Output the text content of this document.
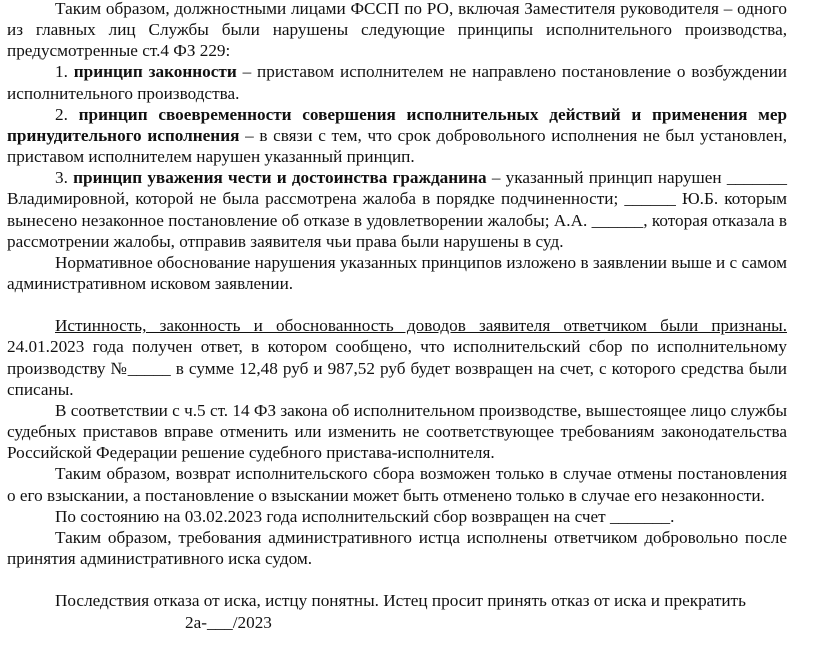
Таким образом, должностными лицами ФССП по РО, включая Заместителя руководителя – одного из главных лиц Службы были нарушены следующие принципы исполнительного производства, предусмотренные ст.4 ФЗ 229:

1. принцип законности – приставом исполнителем не направлено постановление о возбуждении исполнительного производства.

2. принцип своевременности совершения исполнительных действий и применения мер принудительного исполнения – в связи с тем, что срок добровольного исполнения не был установлен, приставом исполнителем нарушен указанный принцип.

3. принцип уважения чести и достоинства гражданина – указанный принцип нарушен _______ Владимировной, которой не была рассмотрена жалоба в порядке подчиненности; ______ Ю.Б. которым вынесено незаконное постановление об отказе в удовлетворении жалобы; А.А. ______, которая отказала в рассмотрении жалобы, отправив заявителя чьи права были нарушены в суд.

Нормативное обоснование нарушения указанных принципов изложено в заявлении выше и с самом административном исковом заявлении.

Истинность, законность и обоснованность доводов заявителя ответчиком были признаны. 24.01.2023 года получен ответ, в котором сообщено, что исполнительский сбор по исполнительному производству №_____ в сумме 12,48 руб и 987,52 руб будет возвращен на счет, с которого средства были списаны.

В соответствии с ч.5 ст. 14 ФЗ закона об исполнительном производстве, вышестоящее лицо службы судебных приставов вправе отменить или изменить не соответствующее требованиям законодательства Российской Федерации решение судебного пристава-исполнителя.

Таким образом, возврат исполнительского сбора возможен только в случае отмены постановления о его взыскании, а постановление о взыскании может быть отменено только в случае его незаконности.

По состоянию на 03.02.2023 года исполнительский сбор возвращен на счет _______.

Таким образом, требования административного истца исполнены ответчиком добровольно после принятия административного иска судом.

Последствия отказа от иска, истцу понятны. Истец просит принять отказ от иска и прекратить

2а-___/2023
